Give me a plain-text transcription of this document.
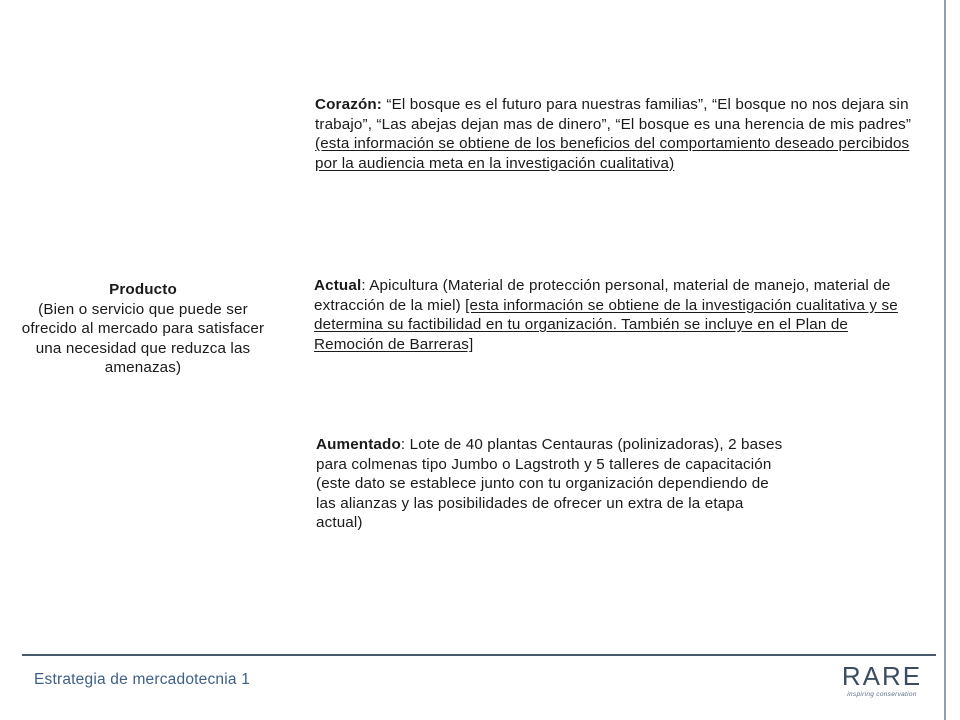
Corazón: “El bosque es el futuro para nuestras familias”, “El bosque no nos dejara sin trabajo”, “Las abejas dejan mas de dinero”, “El bosque es una herencia de mis padres” (esta información se obtiene de los beneficios del comportamiento deseado percibidos por la audiencia meta en la investigación cualitativa)
Producto
(Bien o servicio que puede ser ofrecido al mercado para satisfacer una necesidad que reduzca las amenazas)
Actual: Apicultura (Material de protección personal, material de manejo, material de extracción de la miel) [esta información se obtiene de la investigación cualitativa y se determina su factibilidad en tu organización. También se incluye en el Plan de Remoción de Barreras]
Aumentado: Lote de 40 plantas Centauras (polinizadoras), 2 bases para colmenas tipo Jumbo o Lagstroth y 5 talleres de capacitación (este dato se establece junto con tu organización dependiendo de las alianzas y las posibilidades de ofrecer un extra de la etapa actual)
Estrategia de mercadotecnia 1	RARE
inspiring conservation
